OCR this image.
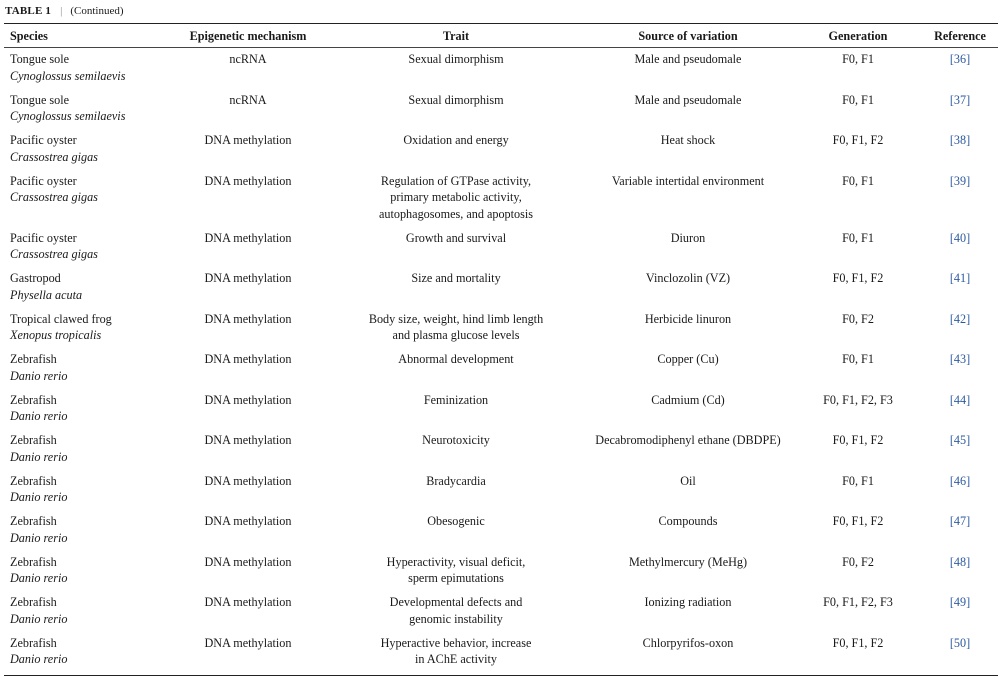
TABLE 1 | (Continued)
Species	Epigenetic mechanism	Trait	Source of variation	Generation	Reference

Tongue sole
Cynoglossus semilaevis	ncRNA	Sexual dimorphism	Male and pseudomale	F0, F1	[36]

Tongue sole
Cynoglossus semilaevis	ncRNA	Sexual dimorphism	Male and pseudomale	F0, F1	[37]

Pacific oyster
Crassostrea gigas	DNA methylation	Oxidation and energy	Heat shock	F0, F1, F2	[38]

Pacific oyster
Crassostrea gigas	DNA methylation	Regulation of GTPase activity,
primary metabolic activity,
autophagosomes, and apoptosis	Variable intertidal environment	F0, F1	[39]

Pacific oyster
Crassostrea gigas	DNA methylation	Growth and survival	Diuron	F0, F1	[40]

Gastropod
Physella acuta	DNA methylation	Size and mortality	Vinclozolin (VZ)	F0, F1, F2	[41]

Tropical clawed frog
Xenopus tropicalis	DNA methylation	Body size, weight, hind limb length
and plasma glucose levels	Herbicide linuron	F0, F2	[42]

Zebrafish
Danio rerio	DNA methylation	Abnormal development	Copper (Cu)	F0, F1	[43]

Zebrafish
Danio rerio	DNA methylation	Feminization	Cadmium (Cd)	F0, F1, F2, F3	[44]

Zebrafish
Danio rerio	DNA methylation	Neurotoxicity	Decabromodiphenyl ethane (DBDPE)	F0, F1, F2	[45]

Zebrafish
Danio rerio	DNA methylation	Bradycardia	Oil	F0, F1	[46]

Zebrafish
Danio rerio	DNA methylation	Obesogenic	Compounds	F0, F1, F2	[47]

Zebrafish
Danio rerio	DNA methylation	Hyperactivity, visual deficit,
sperm epimutations	Methylmercury (MeHg)	F0, F2	[48]

Zebrafish
Danio rerio	DNA methylation	Developmental defects and
genomic instability	Ionizing radiation	F0, F1, F2, F3	[49]

Zebrafish
Danio rerio	DNA methylation	Hyperactive behavior, increase
in AChE activity	Chlorpyrifos-oxon	F0, F1, F2	[50]
